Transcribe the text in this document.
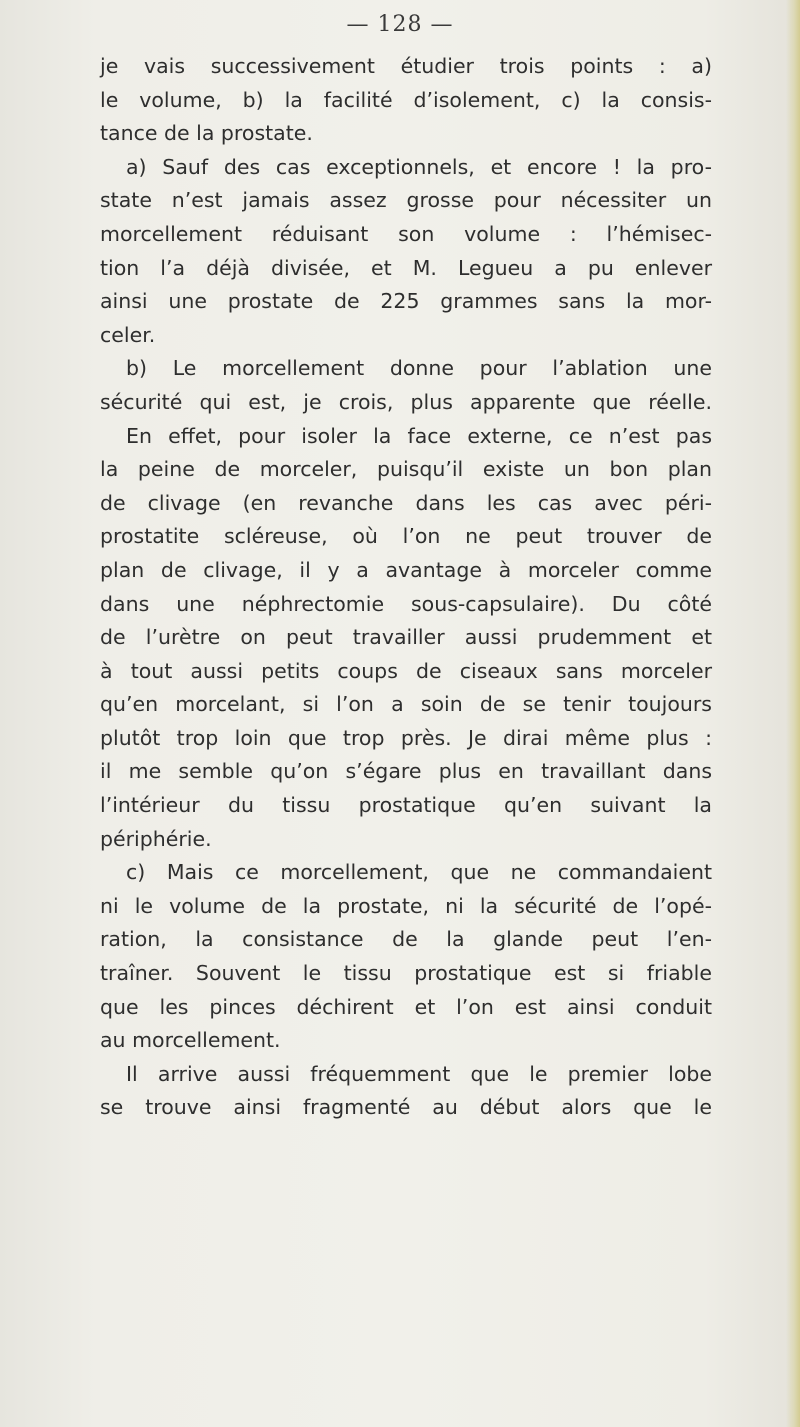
— 128 —
je vais successivement étudier trois points : a)
le volume, b) la facilité d’isolement, c) la consis-
tance de la prostate.
a) Sauf des cas exceptionnels, et encore ! la pro-
state n’est jamais assez grosse pour nécessiter un
morcellement réduisant son volume : l’hémisec-
tion l’a déjà divisée, et M. Legueu a pu enlever
ainsi une prostate de 225 grammes sans la mor-
celer.
b) Le morcellement donne pour l’ablation une
sécurité qui est, je crois, plus apparente que réelle.
En effet, pour isoler la face externe, ce n’est pas
la peine de morceler, puisqu’il existe un bon plan
de clivage (en revanche dans les cas avec péri-
prostatite scléreuse, où l’on ne peut trouver de
plan de clivage, il y a avantage à morceler comme
dans une néphrectomie sous-capsulaire). Du côté
de l’urètre on peut travailler aussi prudemment et
à tout aussi petits coups de ciseaux sans morceler
qu’en morcelant, si l’on a soin de se tenir toujours
plutôt trop loin que trop près. Je dirai même plus :
il me semble qu’on s’égare plus en travaillant dans
l’intérieur du tissu prostatique qu’en suivant la
périphérie.
c) Mais ce morcellement, que ne commandaient
ni le volume de la prostate, ni la sécurité de l’opé-
ration, la consistance de la glande peut l’en-
traîner. Souvent le tissu prostatique est si friable
que les pinces déchirent et l’on est ainsi conduit
au morcellement.
Il arrive aussi fréquemment que le premier lobe
se trouve ainsi fragmenté au début alors que le
